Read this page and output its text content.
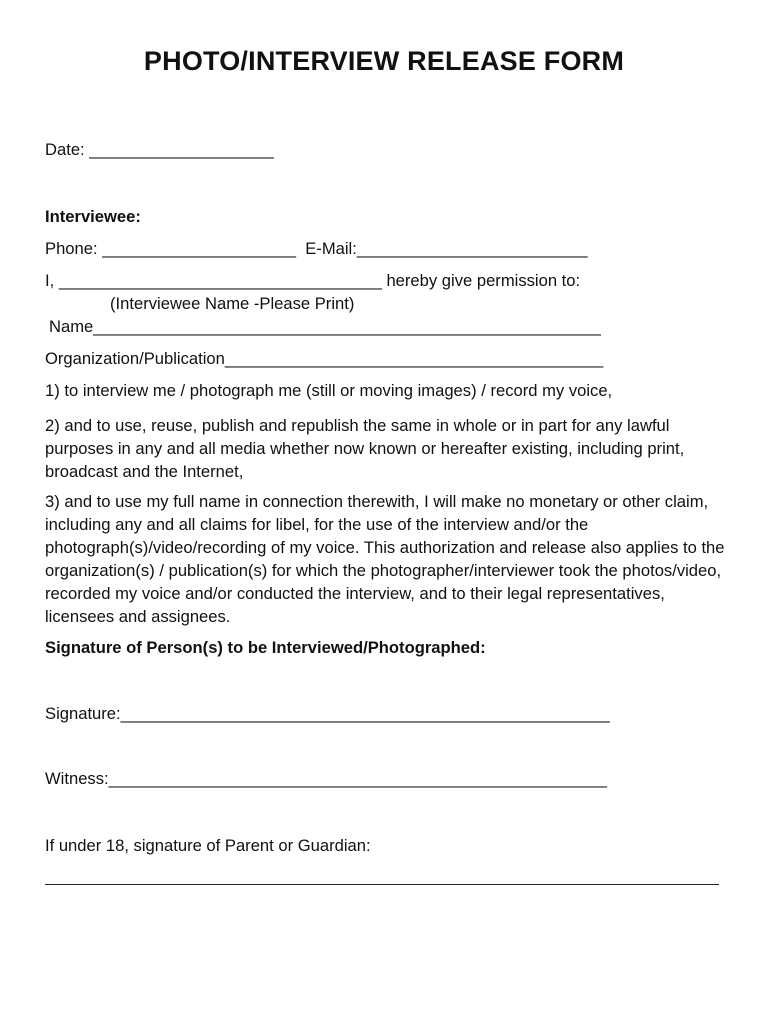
PHOTO/INTERVIEW RELEASE FORM
Date: ____________________
Interviewee:
Phone: _____________________  E-Mail:_________________________
I, ___________________________________ hereby give permission to:
(Interviewee Name -Please Print)
Name_______________________________________________________
Organization/Publication_________________________________________
1) to interview me / photograph me (still or moving images) / record my voice,
2) and to use, reuse, publish and republish the same in whole or in part for any lawful purposes in any and all media whether now known or hereafter existing, including print, broadcast and the Internet,
3) and to use my full name in connection therewith, I will make no monetary or other claim, including any and all claims for libel, for the use of the interview and/or the photograph(s)/video/recording of my voice. This authorization and release also applies to the organization(s) / publication(s) for which the photographer/interviewer took the photos/video, recorded my voice and/or conducted the interview, and to their legal representatives, licensees and assignees.
Signature of Person(s) to be Interviewed/Photographed:
Signature:_____________________________________________________
Witness:______________________________________________________
If under 18, signature of Parent or Guardian:
